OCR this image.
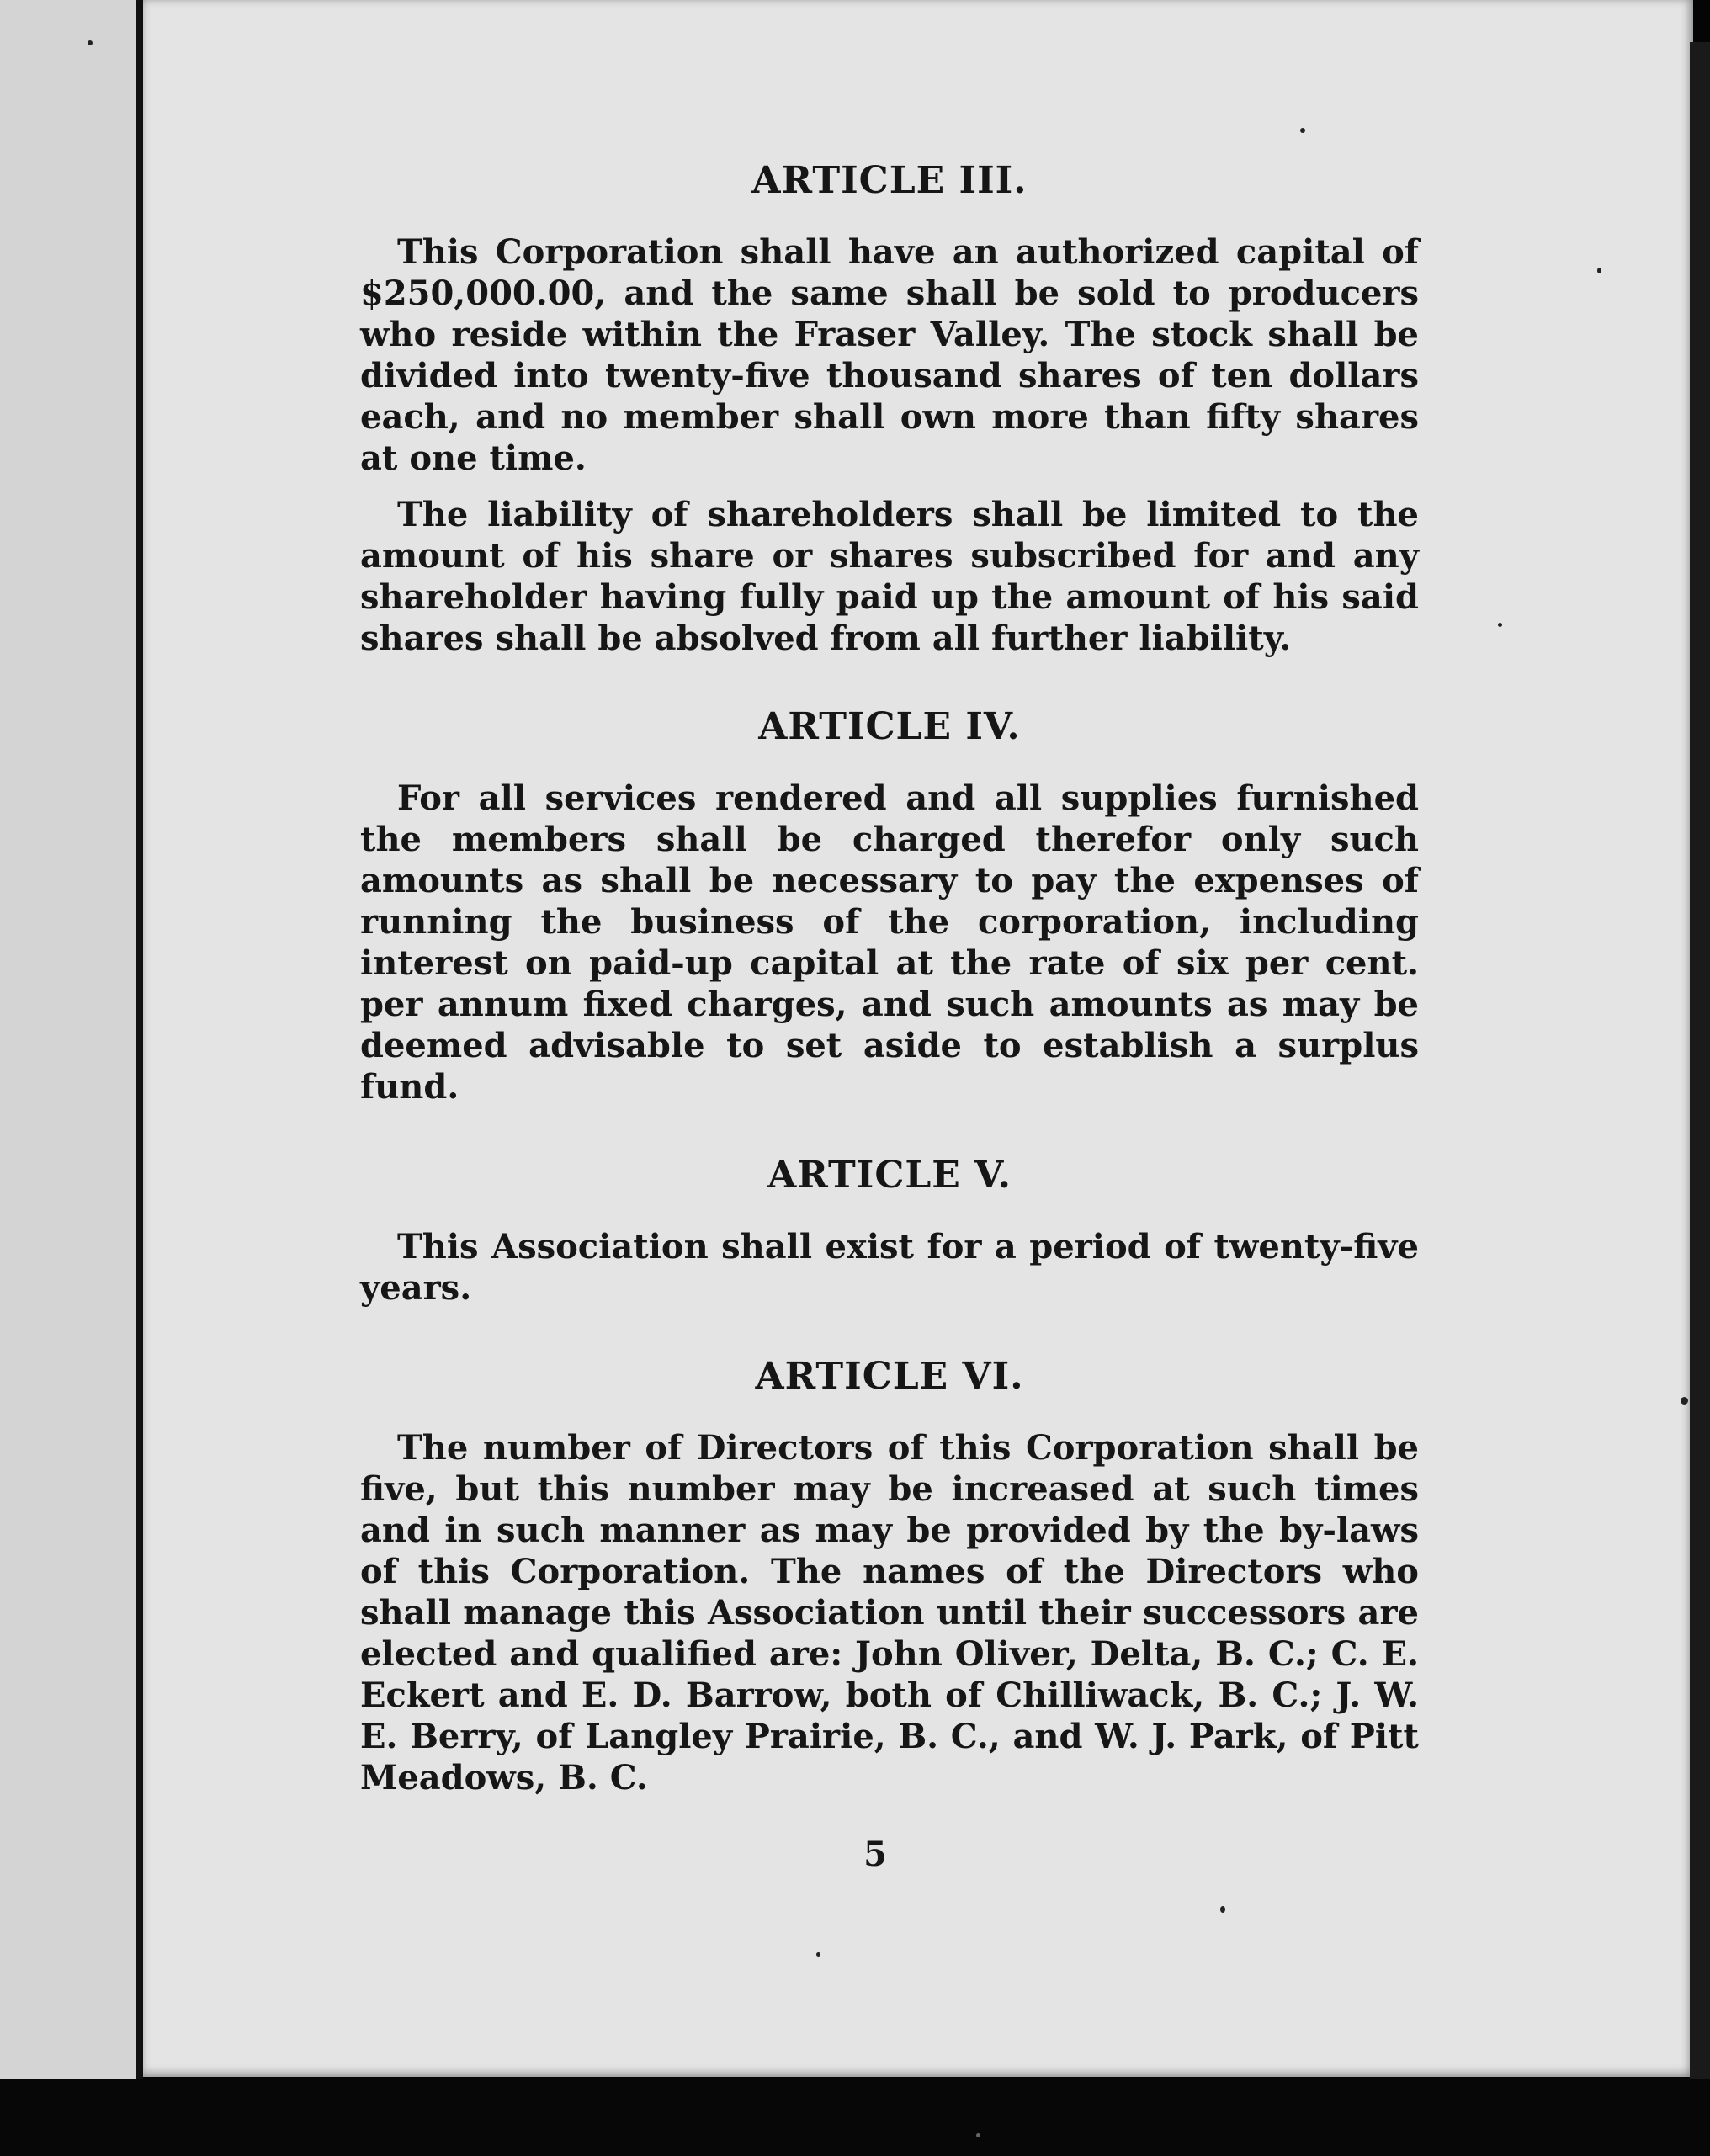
ARTICLE III.

This Corporation shall have an authorized capital of $250,000.00, and the same shall be sold to producers who reside within the Fraser Valley. The stock shall be divided into twenty-five thousand shares of ten dollars each, and no member shall own more than fifty shares at one time.

The liability of shareholders shall be limited to the amount of his share or shares subscribed for and any shareholder having fully paid up the amount of his said shares shall be absolved from all further liability.

ARTICLE IV.

For all services rendered and all supplies furnished the members shall be charged therefor only such amounts as shall be necessary to pay the expenses of running the business of the corporation, including interest on paid-up capital at the rate of six per cent. per annum fixed charges, and such amounts as may be deemed advisable to set aside to establish a surplus fund.

ARTICLE V.

This Association shall exist for a period of twenty-five years.

ARTICLE VI.

The number of Directors of this Corporation shall be five, but this number may be increased at such times and in such manner as may be provided by the by-laws of this Corporation. The names of the Directors who shall manage this Association until their successors are elected and qualified are: John Oliver, Delta, B. C.; C. E. Eckert and E. D. Barrow, both of Chilliwack, B. C.; J. W. E. Berry, of Langley Prairie, B. C., and W. J. Park, of Pitt Meadows, B. C.

5
